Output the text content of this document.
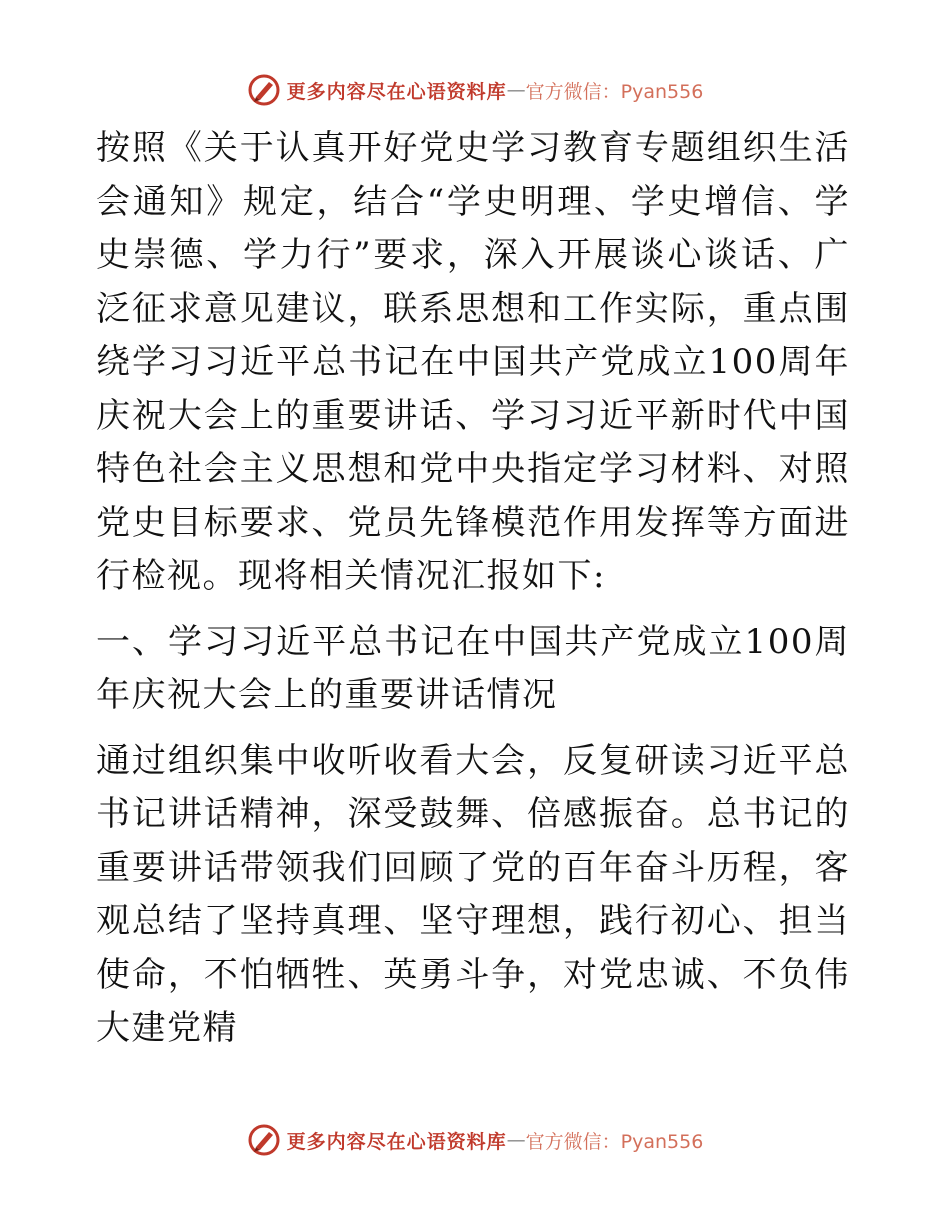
更多内容尽在心语资料库 — 官方微信：Pyan556

按照《关于认真开好党史学习教育专题组织生活会通知》规定，结合“学史明理、学史增信、学史崇德、学力行”要求，深入开展谈心谈话、广泛征求意见建议，联系思想和工作实际，重点围绕学习习近平总书记在中国共产党成立100周年庆祝大会上的重要讲话、学习习近平新时代中国特色社会主义思想和党中央指定学习材料、对照党史目标要求、党员先锋模范作用发挥等方面进行检视。现将相关情况汇报如下:

一、学习习近平总书记在中国共产党成立100周年庆祝大会上的重要讲话情况

通过组织集中收听收看大会，反复研读习近平总书记讲话精神，深受鼓舞、倍感振奋。总书记的重要讲话带领我们回顾了党的百年奋斗历程，客观总结了坚持真理、坚守理想，践行初心、担当使命，不怕牺牲、英勇斗争，对党忠诚、不负伟大建党精

更多内容尽在心语资料库 — 官方微信：Pyan556
